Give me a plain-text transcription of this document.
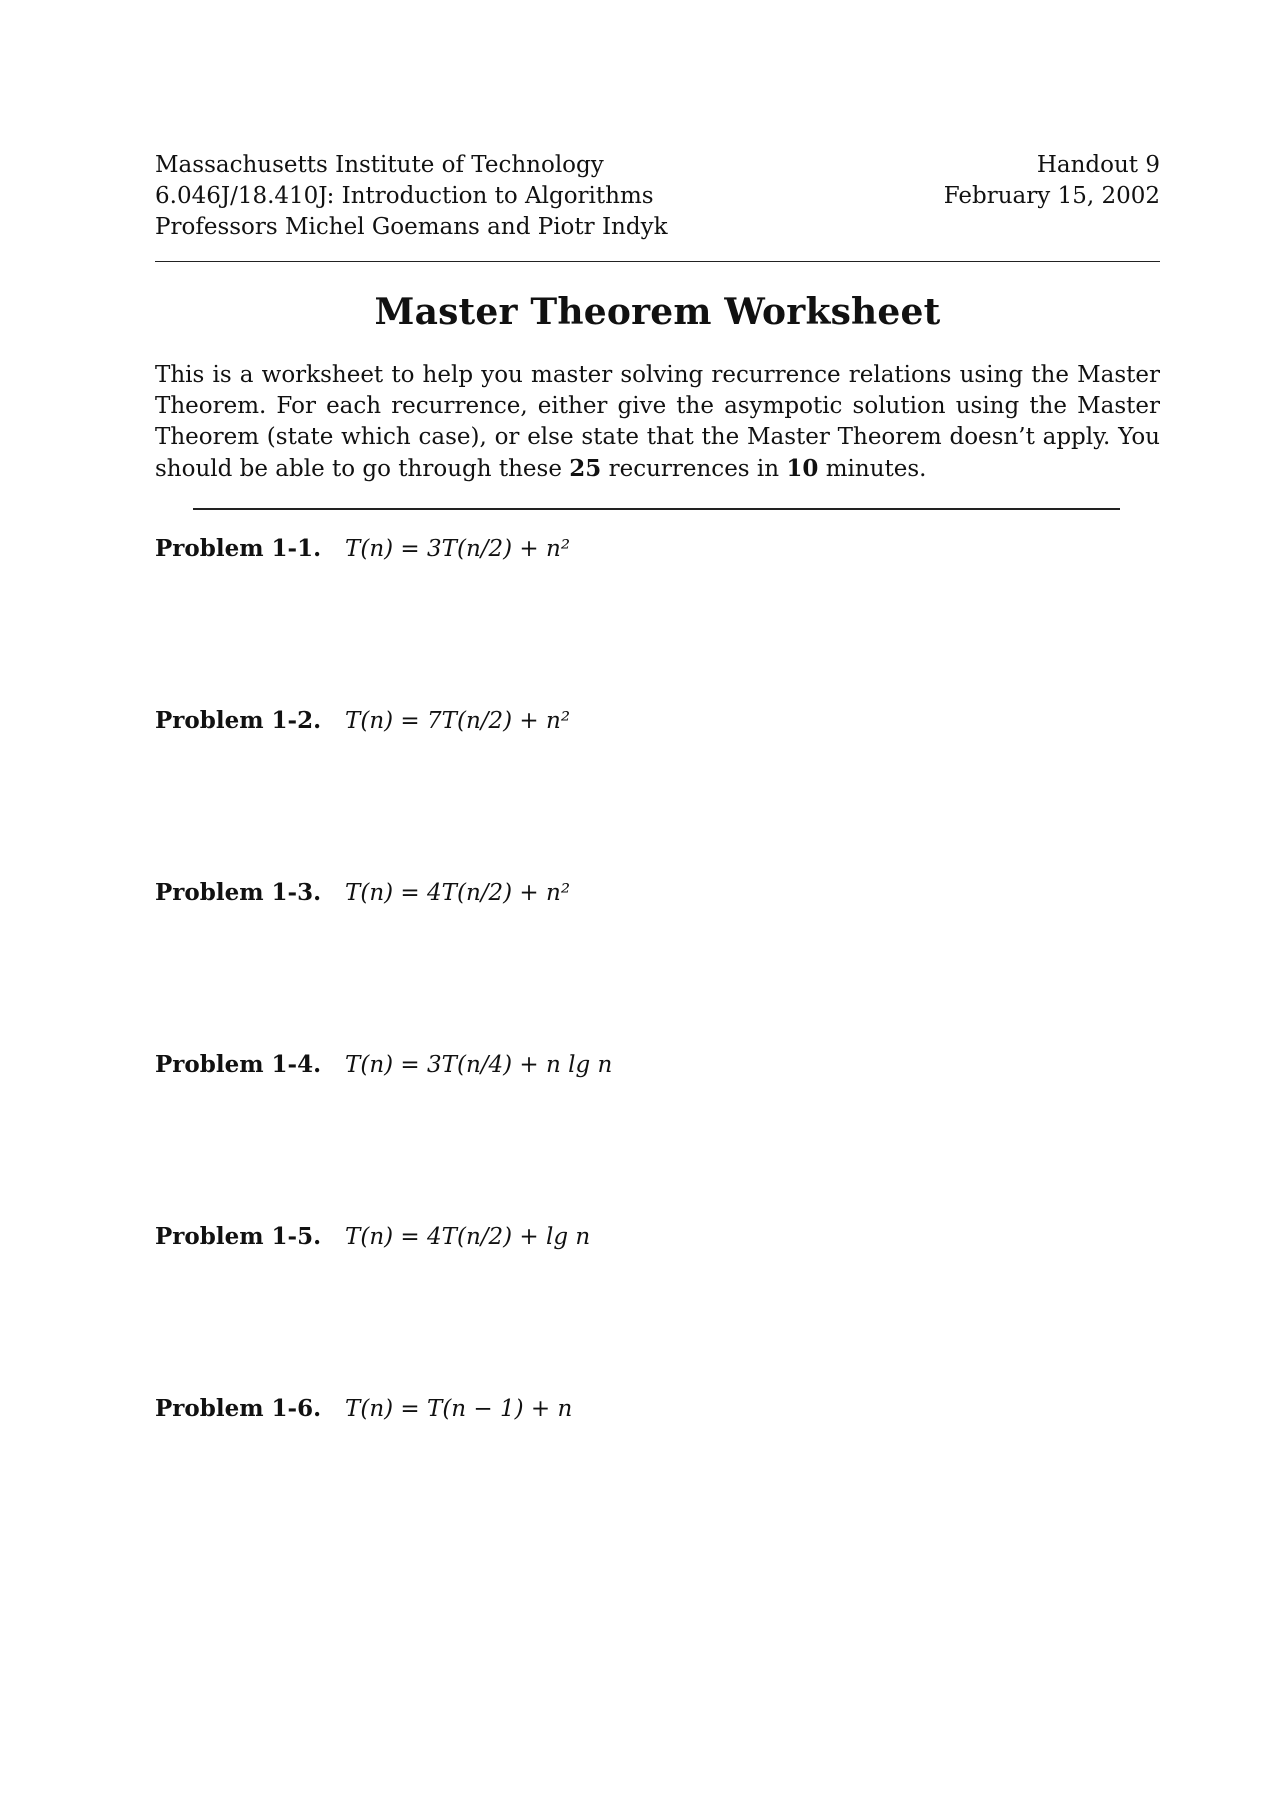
Massachusetts Institute of Technology
6.046J/18.410J: Introduction to Algorithms
Professors Michel Goemans and Piotr Indyk
Handout 9
February 15, 2002
Master Theorem Worksheet

This is a worksheet to help you master solving recurrence relations using the Master Theorem. For each recurrence, either give the asympotic solution using the Master Theorem (state which case), or else state that the Master Theorem doesn’t apply. You should be able to go through these 25 recurrences in 10 minutes.

Problem 1-1.	T(n) = 3T(n/2) + n²
Problem 1-2.	T(n) = 7T(n/2) + n²
Problem 1-3.	T(n) = 4T(n/2) + n²
Problem 1-4.	T(n) = 3T(n/4) + n lg n
Problem 1-5.	T(n) = 4T(n/2) + lg n
Problem 1-6.	T(n) = T(n − 1) + n
